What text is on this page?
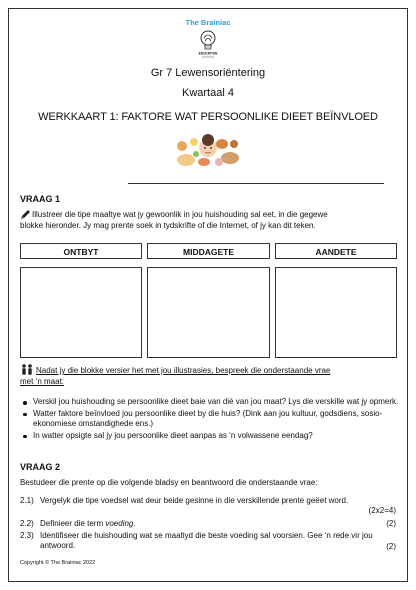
The Brainiac
EDUCATION
Gr 7 Lewensoriëntering
Kwartaal 4
WERKKAART 1: FAKTORE WAT PERSOONLIKE DIEET BEÏNVLOED
VRAAG 1
Illustreer die tipe maaltye wat jy gewoonlik in jou huishouding sal eet, in die gegewe
blokke hieronder. Jy mag prente soek in tydskrifte of die Internet, of jy kan dit teken.
ONTBYT	MIDDAGETE	AANDETE
Nadat jy die blokke versier het met jou illustrasies, bespreek die onderstaande vrae
met ‘n maat:
Verskil jou huishouding se persoonlike dieet baie van dié van jou maat? Lys die verskille wat jy opmerk.
Watter faktore beïnvloed jou persoonlike dieet by die huis? (Dink aan jou kultuur, godsdiens, sosio-ekonomiese omstandighede ens.)
In watter opsigte sal jy jou persoonlike dieet aanpas as ‘n volwassene eendag?
VRAAG 2
Bestudeer die prente op die volgende bladsy en beantwoord die onderstaande vrae:
2.1) Vergelyk die tipe voedsel wat deur beide gesinne in die verskillende prente geëet word.
(2x2=4)
2.2) Definieer die term voeding.	(2)
2.3) Identifiseer die huishouding wat se maaltyd die beste voeding sal voorsien. Gee ‘n rede vir jou antwoord.	(2)
Copyright © The Brainiac 2022
